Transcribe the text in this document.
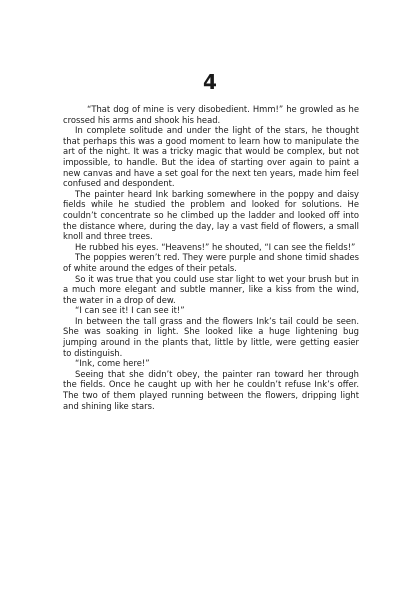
4

“That dog of mine is very disobedient. Hmm!” he growled as he crossed his arms and shook his head.

In complete solitude and under the light of the stars, he thought that perhaps this was a good moment to learn how to manipulate the art of the night. It was a tricky magic that would be complex, but not impossible, to handle. But the idea of starting over again to paint a new canvas and have a set goal for the next ten years, made him feel confused and despondent.

The painter heard Ink barking somewhere in the poppy and daisy fields while he studied the problem and looked for solutions. He couldn’t concentrate so he climbed up the ladder and looked off into the distance where, during the day, lay a vast field of flowers, a small knoll and three trees.

He rubbed his eyes. “Heavens!” he shouted, “I can see the fields!”

The poppies weren’t red. They were purple and shone timid shades of white around the edges of their petals.

So it was true that you could use star light to wet your brush but in a much more elegant and subtle manner, like a kiss from the wind, the water in a drop of dew.

“I can see it! I can see it!”

In between the tall grass and the flowers Ink’s tail could be seen. She was soaking in light. She looked like a huge lightening bug jumping around in the plants that, little by little, were getting easier to distinguish.

“Ink, come here!”

Seeing that she didn’t obey, the painter ran toward her through the fields. Once he caught up with her he couldn’t refuse Ink’s offer. The two of them played running between the flowers, dripping light and shining like stars.
